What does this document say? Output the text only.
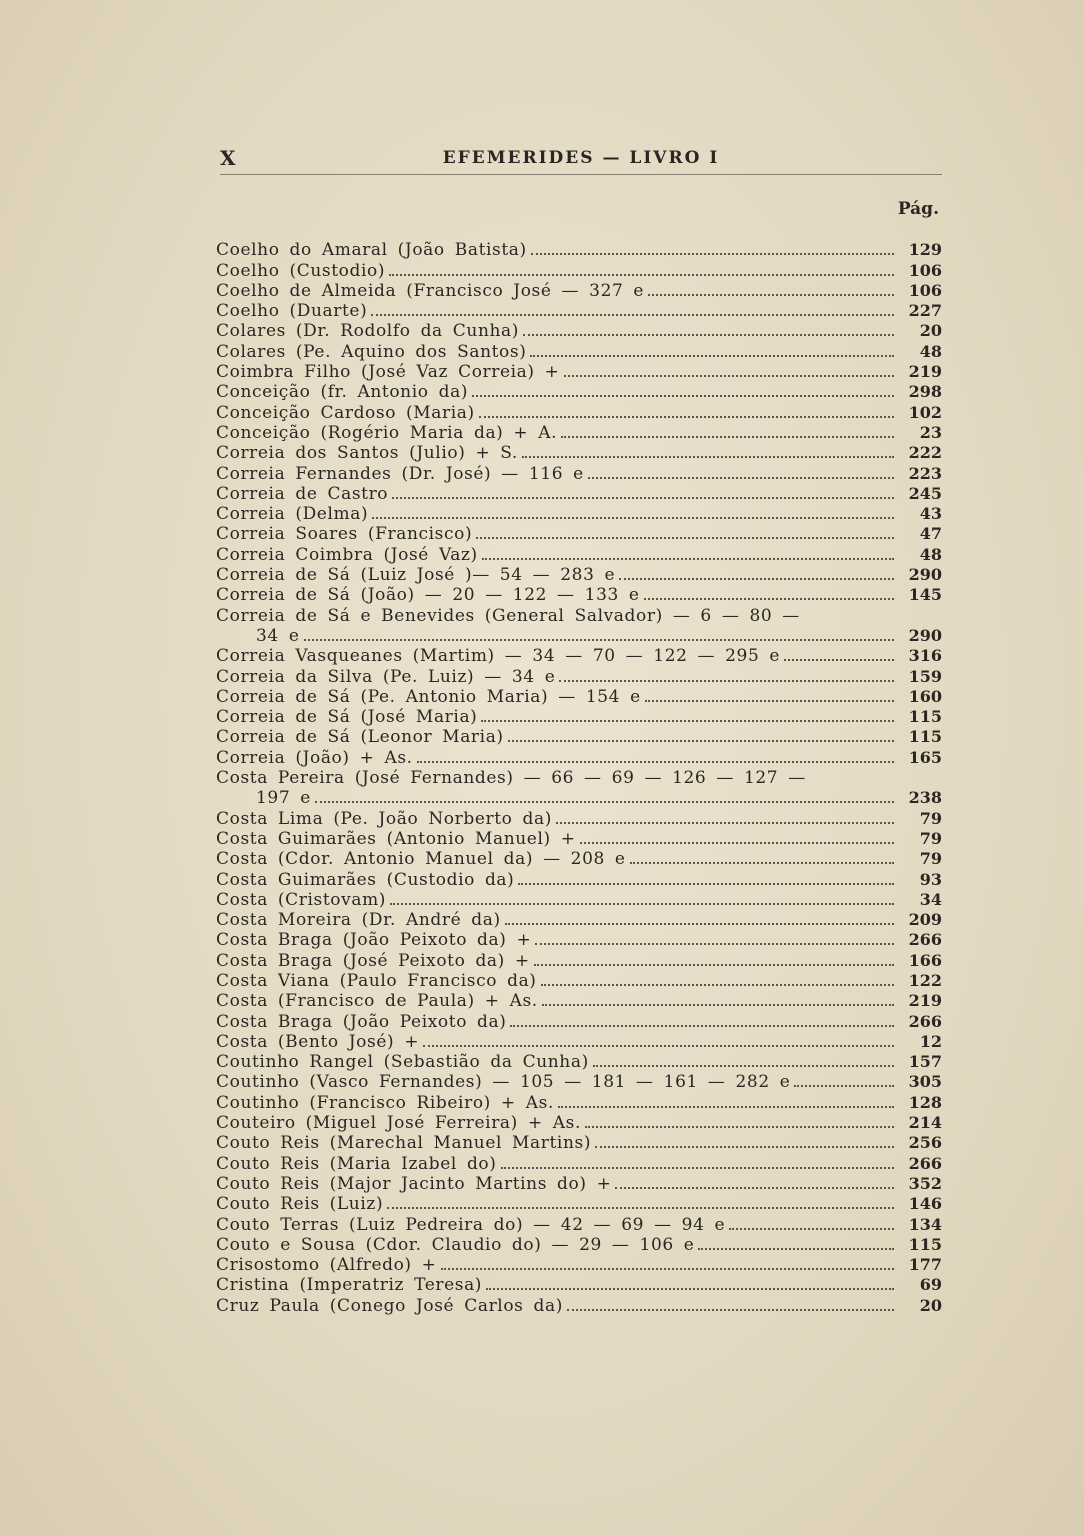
X	EFEMERIDES — LIVRO I
Pág.
Coelho do Amaral (João Batista)	129
Coelho (Custodio)	106
Coelho de Almeida (Francisco José — 327 e	106
Coelho (Duarte)	227
Colares (Dr. Rodolfo da Cunha)	20
Colares (Pe. Aquino dos Santos)	48
Coimbra Filho (José Vaz Correia) +	219
Conceição (fr. Antonio da)	298
Conceição Cardoso (Maria)	102
Conceição (Rogério Maria da) + A.	23
Correia dos Santos (Julio) + S.	222
Correia Fernandes (Dr. José) — 116 e	223
Correia de Castro	245
Correia (Delma)	43
Correia Soares (Francisco)	47
Correia Coimbra (José Vaz)	48
Correia de Sá (Luiz José )— 54 — 283 e	290
Correia de Sá (João) — 20 — 122 — 133 e	145
Correia de Sá e Benevides (General Salvador) — 6 — 80 —
34 e	290
Correia Vasqueanes (Martim) — 34 — 70 — 122 — 295 e	316
Correia da Silva (Pe. Luiz) — 34 e	159
Correia de Sá (Pe. Antonio Maria) — 154 e	160
Correia de Sá (José Maria)	115
Correia de Sá (Leonor Maria)	115
Correia (João) + As.	165
Costa Pereira (José Fernandes) — 66 — 69 — 126 — 127 —
197 e	238
Costa Lima (Pe. João Norberto da)	79
Costa Guimarães (Antonio Manuel) +	79
Costa (Cdor. Antonio Manuel da) — 208 e	79
Costa Guimarães (Custodio da)	93
Costa (Cristovam)	34
Costa Moreira (Dr. André da)	209
Costa Braga (João Peixoto da) +	266
Costa Braga (José Peixoto da) +	166
Costa Viana (Paulo Francisco da)	122
Costa (Francisco de Paula) + As.	219
Costa Braga (João Peixoto da)	266
Costa (Bento José) +	12
Coutinho Rangel (Sebastião da Cunha)	157
Coutinho (Vasco Fernandes) — 105 — 181 — 161 — 282 e	305
Coutinho (Francisco Ribeiro) + As.	128
Couteiro (Miguel José Ferreira) + As.	214
Couto Reis (Marechal Manuel Martins)	256
Couto Reis (Maria Izabel do)	266
Couto Reis (Major Jacinto Martins do) +	352
Couto Reis (Luiz)	146
Couto Terras (Luiz Pedreira do) — 42 — 69 — 94 e	134
Couto e Sousa (Cdor. Claudio do) — 29 — 106 e	115
Crisostomo (Alfredo) +	177
Cristina (Imperatriz Teresa)	69
Cruz Paula (Conego José Carlos da)	20
